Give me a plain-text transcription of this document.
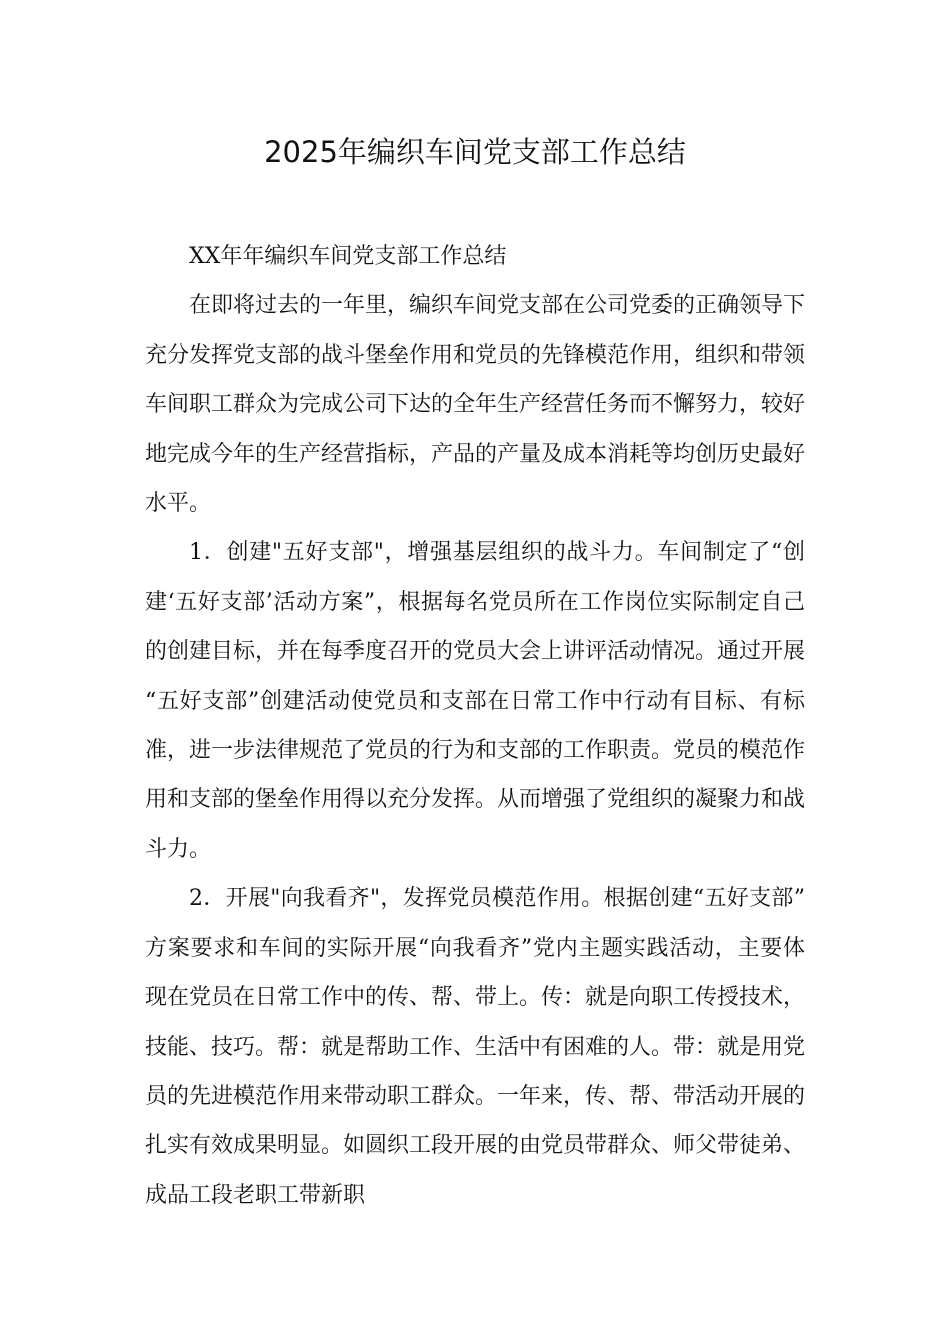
2025年编织车间党支部工作总结

XX年年编织车间党支部工作总结

在即将过去的一年里，编织车间党支部在公司党委的正确领导下充分发挥党支部的战斗堡垒作用和党员的先锋模范作用，组织和带领车间职工群众为完成公司下达的全年生产经营任务而不懈努力，较好地完成今年的生产经营指标，产品的产量及成本消耗等均创历史最好水平。

1．创建"五好支部"，增强基层组织的战斗力。车间制定了“创建‘五好支部’活动方案”，根据每名党员所在工作岗位实际制定自己的创建目标，并在每季度召开的党员大会上讲评活动情况。通过开展“五好支部”创建活动使党员和支部在日常工作中行动有目标、有标准，进一步法律规范了党员的行为和支部的工作职责。党员的模范作用和支部的堡垒作用得以充分发挥。从而增强了党组织的凝聚力和战斗力。

2．开展"向我看齐"，发挥党员模范作用。根据创建“五好支部”方案要求和车间的实际开展“向我看齐”党内主题实践活动，主要体现在党员在日常工作中的传、帮、带上。传：就是向职工传授技术，技能、技巧。帮：就是帮助工作、生活中有困难的人。带：就是用党员的先进模范作用来带动职工群众。一年来，传、帮、带活动开展的扎实有效成果明显。如圆织工段开展的由党员带群众、师父带徒弟、成品工段老职工带新职
